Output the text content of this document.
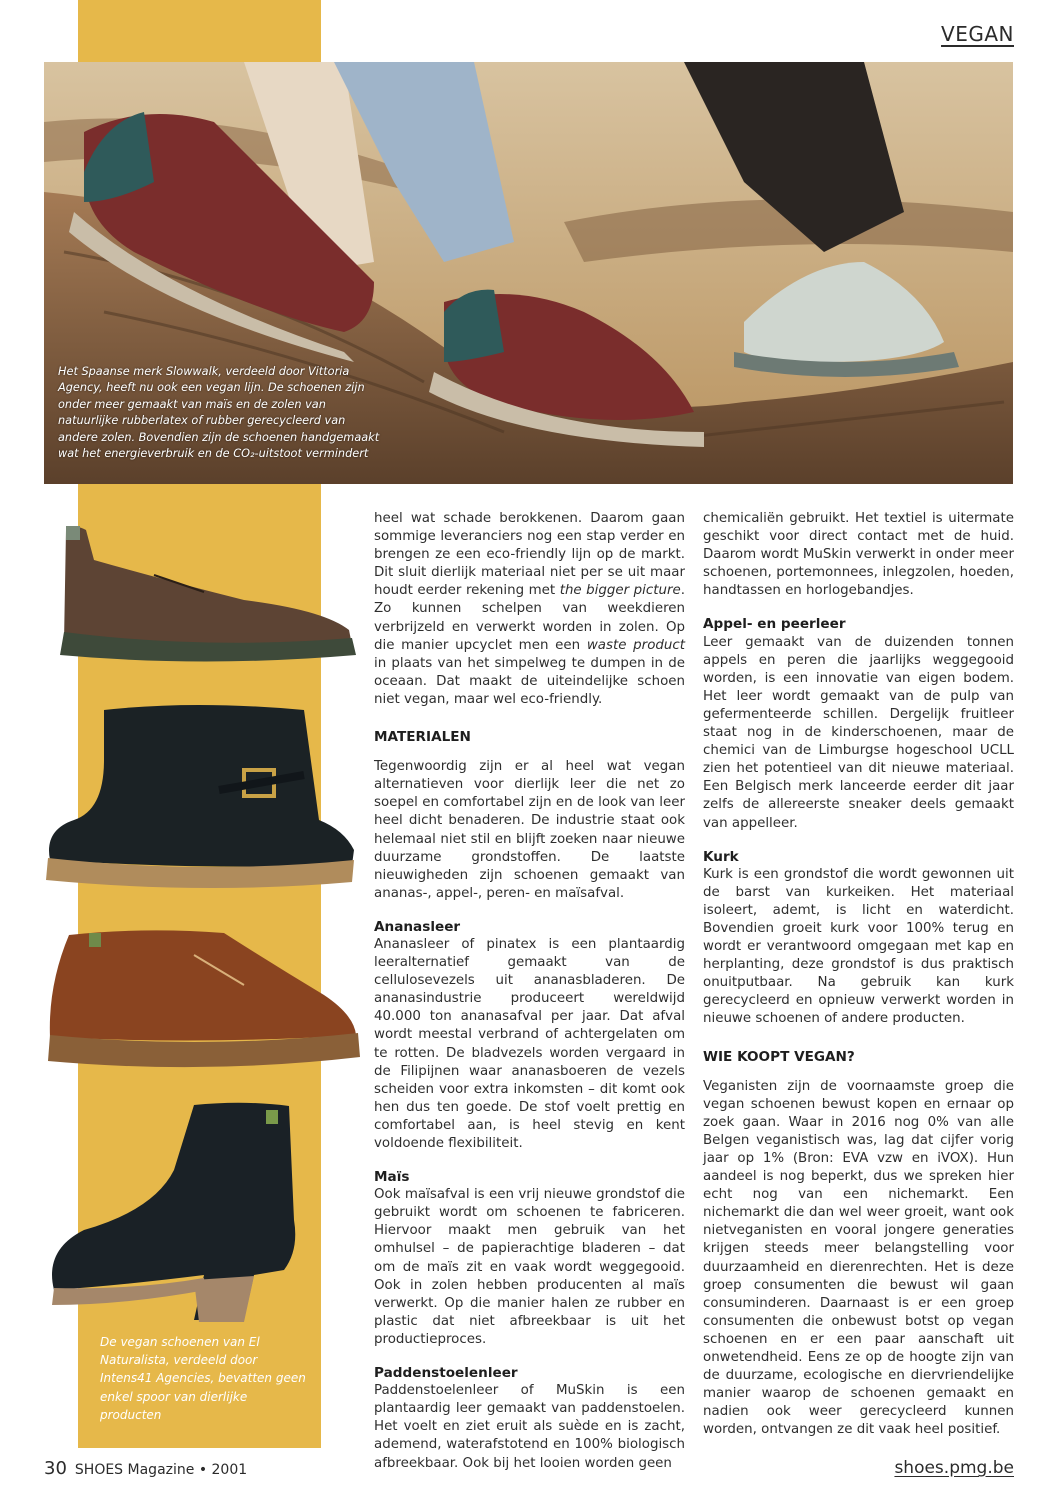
VEGAN
Het Spaanse merk Slowwalk, verdeeld door Vittoria Agency, heeft nu ook een vegan lijn. De schoenen zijn onder meer gemaakt van maïs en de zolen van natuurlijke rubberlatex of rubber gerecycleerd van andere zolen. Bovendien zijn de schoenen handgemaakt wat het energieverbruik en de CO₂-uitstoot vermindert
De vegan schoenen van El Naturalista, verdeeld door Intens41 Agencies, bevatten geen enkel spoor van dierlijke producten

heel wat schade berokkenen. Daarom gaan sommige leveranciers nog een stap verder en brengen ze een eco-friendly lijn op de markt. Dit sluit dierlijk materiaal niet per se uit maar houdt eerder rekening met the bigger picture. Zo kunnen schelpen van weekdieren verbrijzeld en verwerkt worden in zolen. Op die manier upcyclet men een waste product in plaats van het simpelweg te dumpen in de oceaan. Dat maakt de uiteindelijke schoen niet vegan, maar wel eco-friendly.

MATERIALEN

Tegenwoordig zijn er al heel wat vegan alternatieven voor dierlijk leer die net zo soepel en comfortabel zijn en de look van leer heel dicht benaderen. De industrie staat ook helemaal niet stil en blijft zoeken naar nieuwe duurzame grondstoffen. De laatste nieuwigheden zijn schoenen gemaakt van ananas-, appel-, peren- en maïsafval.

Ananasleer

Ananasleer of pinatex is een plantaardig leeralternatief gemaakt van de cellulosevezels uit ananasbladeren. De ananasindustrie produceert wereldwijd 40.000 ton ananasafval per jaar. Dat afval wordt meestal verbrand of achtergelaten om te rotten. De bladvezels worden vergaard in de Filipijnen waar ananasboeren de vezels scheiden voor extra inkomsten – dit komt ook hen dus ten goede. De stof voelt prettig en comfortabel aan, is heel stevig en kent voldoende flexibiliteit.

Maïs

Ook maïsafval is een vrij nieuwe grondstof die gebruikt wordt om schoenen te fabriceren. Hiervoor maakt men gebruik van het omhulsel – de papierachtige bladeren – dat om de maïs zit en vaak wordt weggegooid. Ook in zolen hebben producenten al maïs verwerkt. Op die manier halen ze rubber en plastic dat niet afbreekbaar is uit het productieproces.

Paddenstoelenleer

Paddenstoelenleer of MuSkin is een plantaardig leer gemaakt van paddenstoelen. Het voelt en ziet eruit als suède en is zacht, ademend, waterafstotend en 100% biologisch afbreekbaar. Ook bij het looien worden geen

chemicaliën gebruikt. Het textiel is uitermate geschikt voor direct contact met de huid. Daarom wordt MuSkin verwerkt in onder meer schoenen, portemonnees, inlegzolen, hoeden, handtassen en horlogebandjes.

Appel- en peerleer

Leer gemaakt van de duizenden tonnen appels en peren die jaarlijks weggegooid worden, is een innovatie van eigen bodem. Het leer wordt gemaakt van de pulp van gefermenteerde schillen. Dergelijk fruitleer staat nog in de kinderschoenen, maar de chemici van de Limburgse hogeschool UCLL zien het potentieel van dit nieuwe materiaal. Een Belgisch merk lanceerde eerder dit jaar zelfs de allereerste sneaker deels gemaakt van appelleer.

Kurk

Kurk is een grondstof die wordt gewonnen uit de barst van kurkeiken. Het materiaal isoleert, ademt, is licht en waterdicht. Bovendien groeit kurk voor 100% terug en wordt er verantwoord omgegaan met kap en herplanting, deze grondstof is dus praktisch onuitputbaar. Na gebruik kan kurk gerecycleerd en opnieuw verwerkt worden in nieuwe schoenen of andere producten.

WIE KOOPT VEGAN?

Veganisten zijn de voornaamste groep die vegan schoenen bewust kopen en ernaar op zoek gaan. Waar in 2016 nog 0% van alle Belgen veganistisch was, lag dat cijfer vorig jaar op 1% (Bron: EVA vzw en iVOX). Hun aandeel is nog beperkt, dus we spreken hier echt nog van een nichemarkt. Een nichemarkt die dan wel weer groeit, want ook nietveganisten en vooral jongere generaties krijgen steeds meer belangstelling voor duurzaamheid en dierenrechten. Het is deze groep consumenten die bewust wil gaan consuminderen. Daarnaast is er een groep consumenten die onbewust botst op vegan schoenen en er een paar aanschaft uit onwetendheid. Eens ze op de hoogte zijn van de duurzame, ecologische en diervriendelijke manier waarop de schoenen gemaakt en nadien ook weer gerecycleerd kunnen worden, ontvangen ze dit vaak heel positief.

30 SHOES Magazine • 2001	shoes.pmg.be
